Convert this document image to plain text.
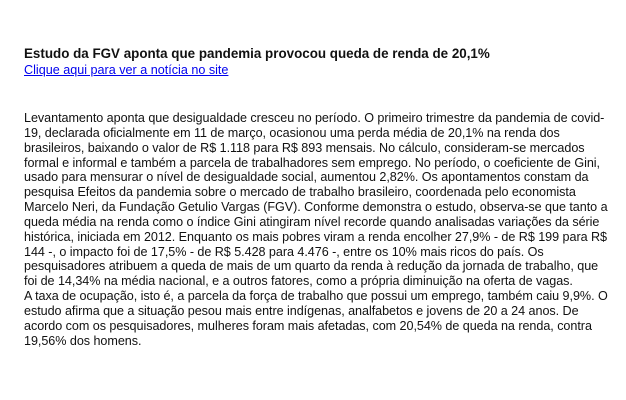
Estudo da FGV aponta que pandemia provocou queda de renda de 20,1%
Clique aqui para ver a notícia no site
Levantamento aponta que desigualdade cresceu no período. O primeiro trimestre da pandemia de covid-
19, declarada oficialmente em 11 de março, ocasionou uma perda média de 20,1% na renda dos
brasileiros, baixando o valor de R$ 1.118 para R$ 893 mensais. No cálculo, consideram-se mercados
formal e informal e também a parcela de trabalhadores sem emprego. No período, o coeficiente de Gini,
usado para mensurar o nível de desigualdade social, aumentou 2,82%. Os apontamentos constam da
pesquisa Efeitos da pandemia sobre o mercado de trabalho brasileiro, coordenada pelo economista
Marcelo Neri, da Fundação Getulio Vargas (FGV). Conforme demonstra o estudo, observa-se que tanto a
queda média na renda como o índice Gini atingiram nível recorde quando analisadas variações da série
histórica, iniciada em 2012. Enquanto os mais pobres viram a renda encolher 27,9% - de R$ 199 para R$
144 -, o impacto foi de 17,5% - de R$ 5.428 para 4.476 -, entre os 10% mais ricos do país. Os
pesquisadores atribuem a queda de mais de um quarto da renda à redução da jornada de trabalho, que
foi de 14,34% na média nacional, e a outros fatores, como a própria diminuição na oferta de vagas.
A taxa de ocupação, isto é, a parcela da força de trabalho que possui um emprego, também caiu 9,9%. O
estudo afirma que a situação pesou mais entre indígenas, analfabetos e jovens de 20 a 24 anos. De
acordo com os pesquisadores, mulheres foram mais afetadas, com 20,54% de queda na renda, contra
19,56% dos homens.
